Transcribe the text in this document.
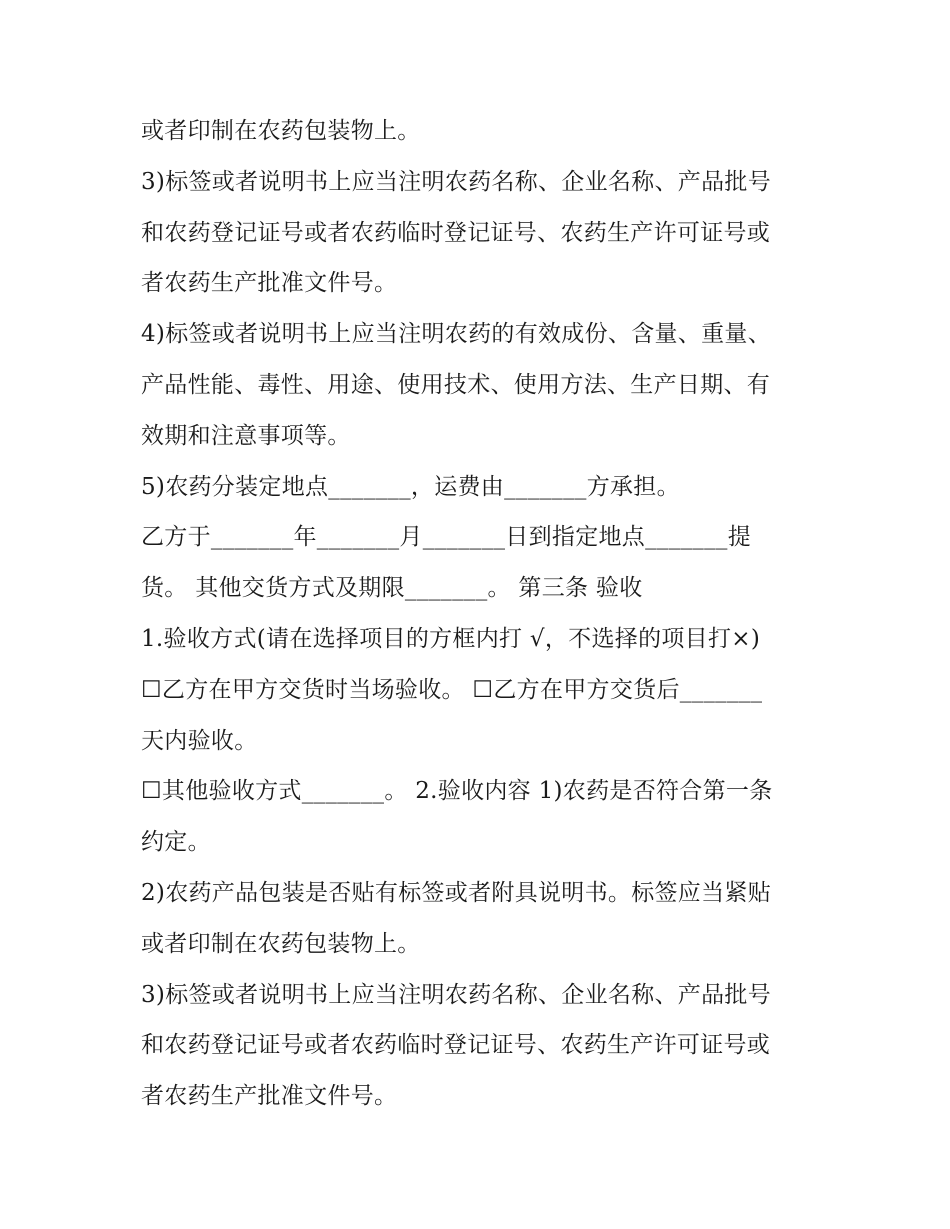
或者印制在农药包装物上。
3)标签或者说明书上应当注明农药名称、企业名称、产品批号
和农药登记证号或者农药临时登记证号、农药生产许可证号或
者农药生产批准文件号。
4)标签或者说明书上应当注明农药的有效成份、含量、重量、
产品性能、毒性、用途、使用技术、使用方法、生产日期、有
效期和注意事项等。
5)农药分装定地点_______，运费由_______方承担。
乙方于_______年_______月_______日到指定地点_______提
货。 其他交货方式及期限_______。 第三条 验收
1.验收方式(请在选择项目的方框内打 √，不选择的项目打×)
☐乙方在甲方交货时当场验收。 ☐乙方在甲方交货后_______
天内验收。
☐其他验收方式_______。 2.验收内容 1)农药是否符合第一条
约定。
2)农药产品包装是否贴有标签或者附具说明书。标签应当紧贴
或者印制在农药包装物上。
3)标签或者说明书上应当注明农药名称、企业名称、产品批号
和农药登记证号或者农药临时登记证号、农药生产许可证号或
者农药生产批准文件号。
